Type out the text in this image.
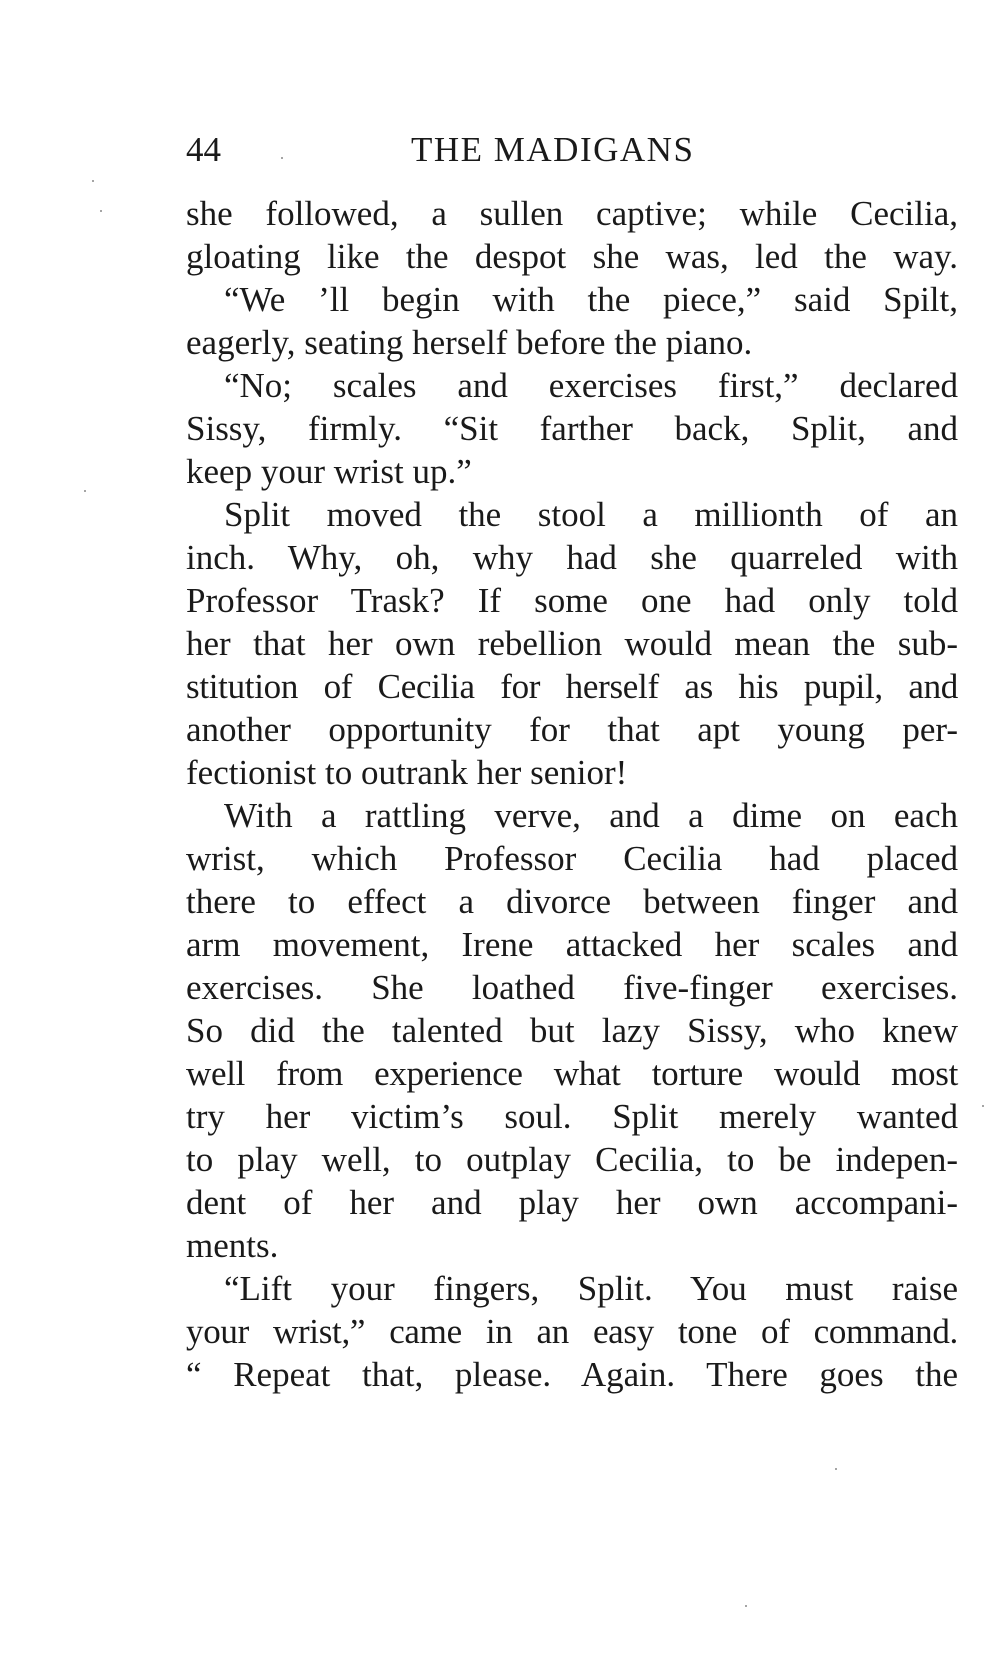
44	THE MADIGANS
she followed, a sullen captive; while Cecilia,
gloating like the despot she was, led the way.
“We ’ll begin with the piece,” said Spilt,
eagerly, seating herself before the piano.
“No; scales and exercises first,” declared
Sissy, firmly. “Sit farther back, Split, and
keep your wrist up.”
Split moved the stool a millionth of an
inch. Why, oh, why had she quarreled with
Professor Trask? If some one had only told
her that her own rebellion would mean the sub-
stitution of Cecilia for herself as his pupil, and
another opportunity for that apt young per-
fectionist to outrank her senior!
With a rattling verve, and a dime on each
wrist, which Professor Cecilia had placed
there to effect a divorce between finger and
arm movement, Irene attacked her scales and
exercises. She loathed five-finger exercises.
So did the talented but lazy Sissy, who knew
well from experience what torture would most
try her victim’s soul. Split merely wanted
to play well, to outplay Cecilia, to be indepen-
dent of her and play her own accompani-
ments.
“Lift your fingers, Split. You must raise
your wrist,” came in an easy tone of command.
“ Repeat that, please. Again. There goes the
